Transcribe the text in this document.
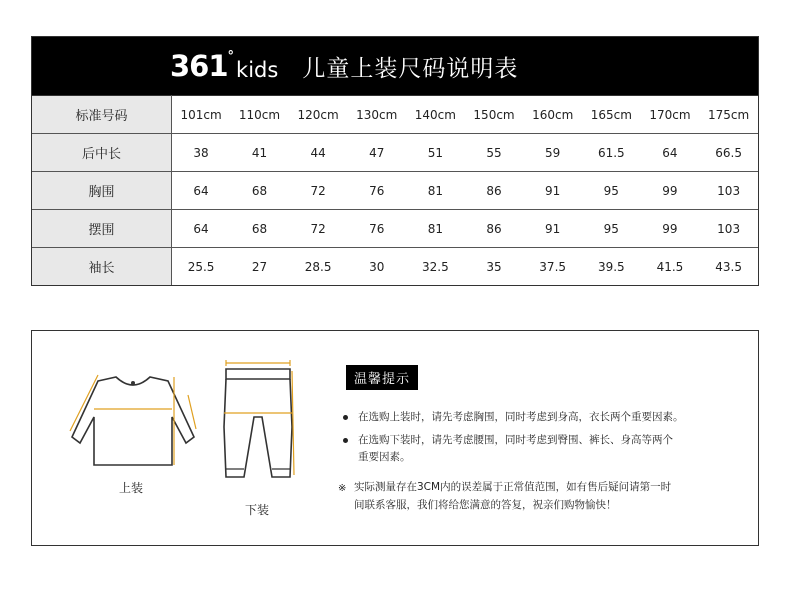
361 °
kids 儿童上装尺码说明表
标准号码	101cm	110cm	120cm	130cm	140cm	150cm	160cm	165cm	170cm	175cm
后中长	38	41	44	47	51	55	59	61.5	64	66.5
胸围	64	68	72	76	81	86	91	95	99	103
摆围	64	68	72	76	81	86	91	95	99	103
袖长	25.5	27	28.5	30	32.5	35	37.5	39.5	41.5	43.5
上装
下装
温馨提示
在选购上装时，请先考虑胸围，同时考虑到身高，衣长两个重要因素。
在选购下装时，请先考虑腰围，同时考虑到臀围、裤长、身高等两个
重要因素。
※ 实际测量存在3CM内的误差属于正常值范围，如有售后疑问请第一时
间联系客服，我们将给您满意的答复，祝亲们购物愉快！
